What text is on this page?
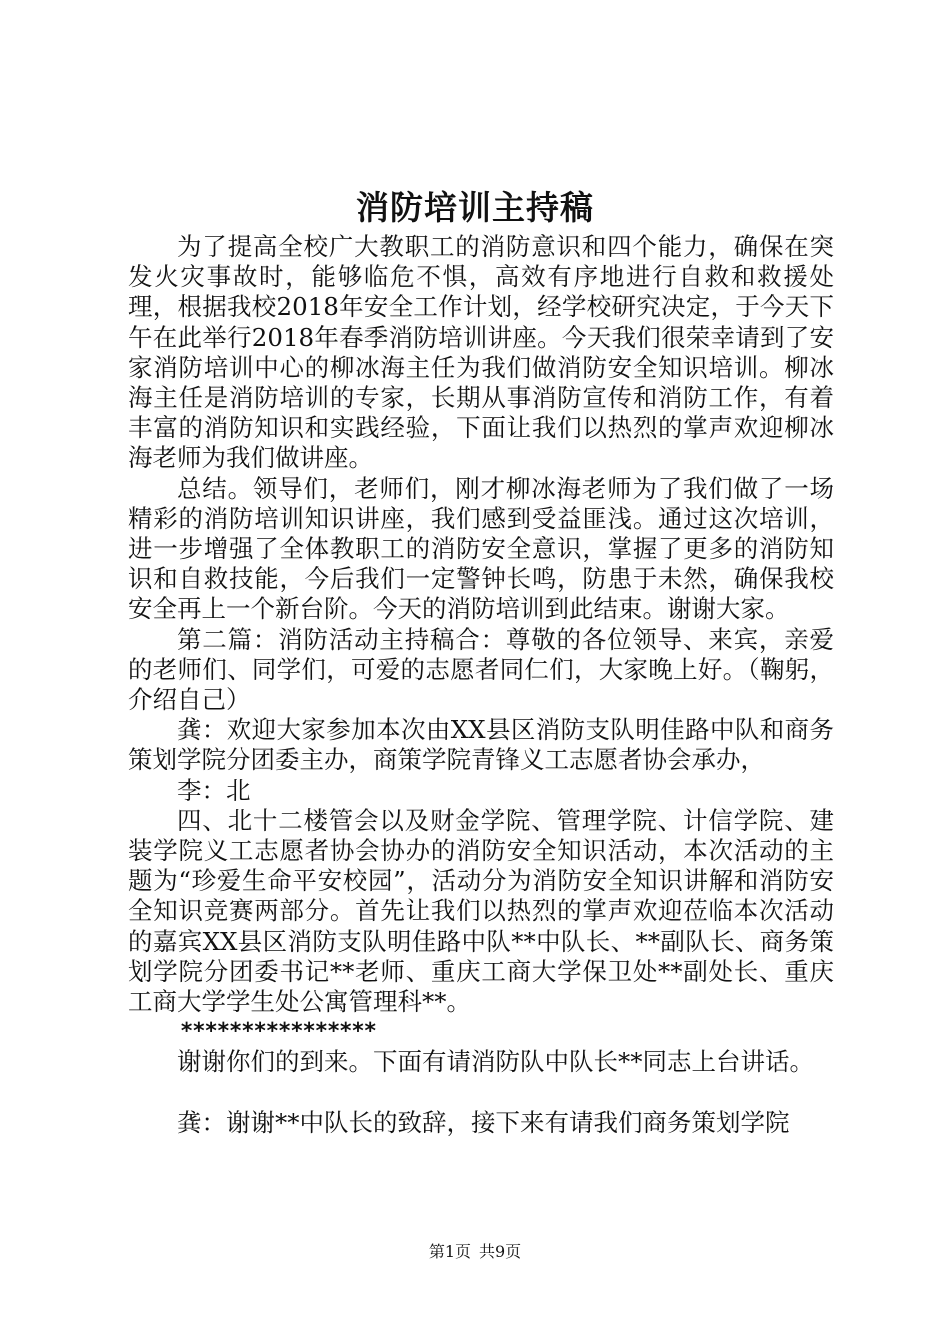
消防培训主持稿

为了提高全校广大教职工的消防意识和四个能力，确保在突发火灾事故时，能够临危不惧，高效有序地进行自救和救援处理，根据我校2018年安全工作计划，经学校研究决定，于今天下午在此举行2018年春季消防培训讲座。今天我们很荣幸请到了安家消防培训中心的柳冰海主任为我们做消防安全知识培训。柳冰海主任是消防培训的专家，长期从事消防宣传和消防工作，有着丰富的消防知识和实践经验，下面让我们以热烈的掌声欢迎柳冰海老师为我们做讲座。

总结。领导们，老师们，刚才柳冰海老师为了我们做了一场精彩的消防培训知识讲座，我们感到受益匪浅。通过这次培训，进一步增强了全体教职工的消防安全意识，掌握了更多的消防知识和自救技能，今后我们一定警钟长鸣，防患于未然，确保我校安全再上一个新台阶。今天的消防培训到此结束。谢谢大家。

第二篇：消防活动主持稿合：尊敬的各位领导、来宾，亲爱的老师们、同学们，可爱的志愿者同仁们，大家晚上好。（鞠躬，介绍自己）

龚：欢迎大家参加本次由XX县区消防支队明佳路中队和商务策划学院分团委主办，商策学院青锋义工志愿者协会承办，

李：北

四、北十二楼管会以及财金学院、管理学院、计信学院、建装学院义工志愿者协会协办的消防安全知识活动，本次活动的主题为“珍爱生命平安校园”，活动分为消防安全知识讲解和消防安全知识竞赛两部分。首先让我们以热烈的掌声欢迎莅临本次活动的嘉宾XX县区消防支队明佳路中队**中队长、**副队长、商务策划学院分团委书记**老师、重庆工商大学保卫处**副处长、重庆工商大学学生处公寓管理科**。

****************

谢谢你们的到来。下面有请消防队中队长**同志上台讲话。

龚：谢谢**中队长的致辞，接下来有请我们商务策划学院

第1页 共9页
